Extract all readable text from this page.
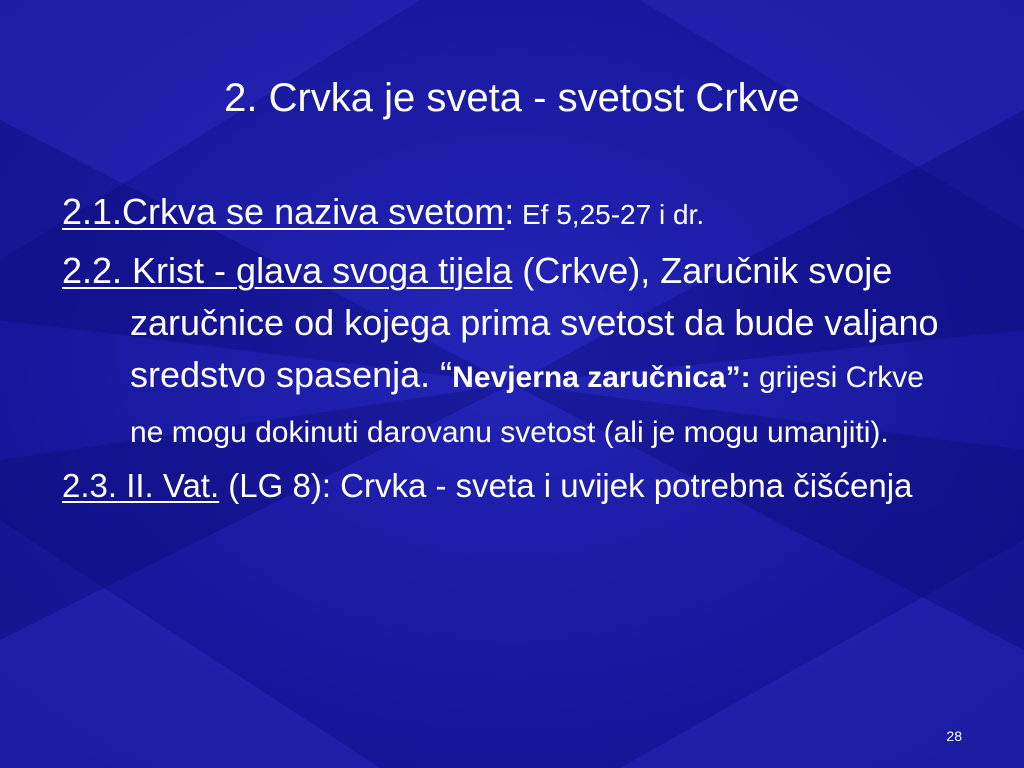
2. Crvka je sveta - svetost Crkve

2.1.Crkva se naziva svetom: Ef 5,25-27 i dr.

2.2. Krist - glava svoga tijela (Crkve), Zaručnik svoje zaručnice od kojega prima svetost da bude valjano sredstvo spasenja. “Nevjerna zaručnica”: grijesi Crkve ne mogu dokinuti darovanu svetost (ali je mogu umanjiti).

2.3. II. Vat. (LG 8): Crvka - sveta i uvijek potrebna čišćenja

28
